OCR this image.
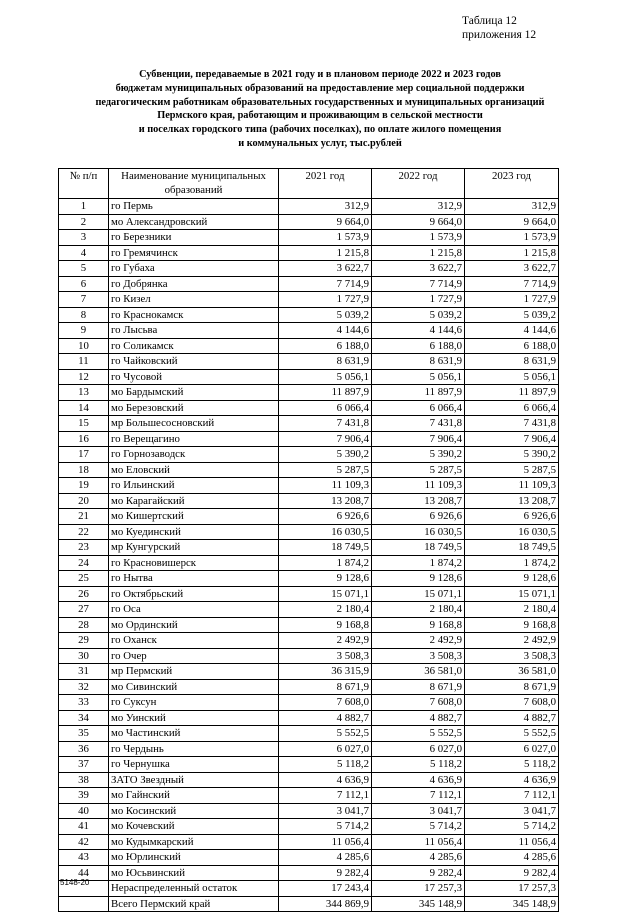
Таблица 12
приложения 12
Субвенции, передаваемые в 2021 году и в плановом периоде 2022 и 2023 годов
бюджетам муниципальных образований на предоставление мер социальной поддержки
педагогическим работникам образовательных государственных и муниципальных организаций
Пермского края, работающим и проживающим в сельской местности
и поселках городского типа (рабочих поселках), по оплате жилого помещения
и коммунальных услуг, тыс.рублей
№ п/п	Наименование муниципальных образований	2021 год	2022 год	2023 год
1	го Пермь	312,9	312,9	312,9
2	мо Александровский	9 664,0	9 664,0	9 664,0
3	го Березники	1 573,9	1 573,9	1 573,9
4	го Гремячинск	1 215,8	1 215,8	1 215,8
5	го Губаха	3 622,7	3 622,7	3 622,7
6	го Добрянка	7 714,9	7 714,9	7 714,9
7	го Кизел	1 727,9	1 727,9	1 727,9
8	го Краснокамск	5 039,2	5 039,2	5 039,2
9	го Лысьва	4 144,6	4 144,6	4 144,6
10	го Соликамск	6 188,0	6 188,0	6 188,0
11	го Чайковский	8 631,9	8 631,9	8 631,9
12	го Чусовой	5 056,1	5 056,1	5 056,1
13	мо Бардымский	11 897,9	11 897,9	11 897,9
14	мо Березовский	6 066,4	6 066,4	6 066,4
15	мр Большесосновский	7 431,8	7 431,8	7 431,8
16	го Верещагино	7 906,4	7 906,4	7 906,4
17	го Горнозаводск	5 390,2	5 390,2	5 390,2
18	мо Еловский	5 287,5	5 287,5	5 287,5
19	го Ильинский	11 109,3	11 109,3	11 109,3
20	мо Карагайский	13 208,7	13 208,7	13 208,7
21	мо Кишертский	6 926,6	6 926,6	6 926,6
22	мо Куединский	16 030,5	16 030,5	16 030,5
23	мр Кунгурский	18 749,5	18 749,5	18 749,5
24	го Красновишерск	1 874,2	1 874,2	1 874,2
25	го Нытва	9 128,6	9 128,6	9 128,6
26	го Октябрьский	15 071,1	15 071,1	15 071,1
27	го Оса	2 180,4	2 180,4	2 180,4
28	мо Ординский	9 168,8	9 168,8	9 168,8
29	го Оханск	2 492,9	2 492,9	2 492,9
30	го Очер	3 508,3	3 508,3	3 508,3
31	мр Пермский	36 315,9	36 581,0	36 581,0
32	мо Сивинский	8 671,9	8 671,9	8 671,9
33	го Суксун	7 608,0	7 608,0	7 608,0
34	мо Уинский	4 882,7	4 882,7	4 882,7
35	мо Частинский	5 552,5	5 552,5	5 552,5
36	го Чердынь	6 027,0	6 027,0	6 027,0
37	го Чернушка	5 118,2	5 118,2	5 118,2
38	ЗАТО Звездный	4 636,9	4 636,9	4 636,9
39	мо Гайнский	7 112,1	7 112,1	7 112,1
40	мо Косинский	3 041,7	3 041,7	3 041,7
41	мо Кочевский	5 714,2	5 714,2	5 714,2
42	мо Кудымкарский	11 056,4	11 056,4	11 056,4
43	мо Юрлинский	4 285,6	4 285,6	4 285,6
44	мо Юсьвинский	9 282,4	9 282,4	9 282,4
	Нераспределенный остаток	17 243,4	17 257,3	17 257,3
	Всего Пермский край	344 869,9	345 148,9	345 148,9
5148-20
